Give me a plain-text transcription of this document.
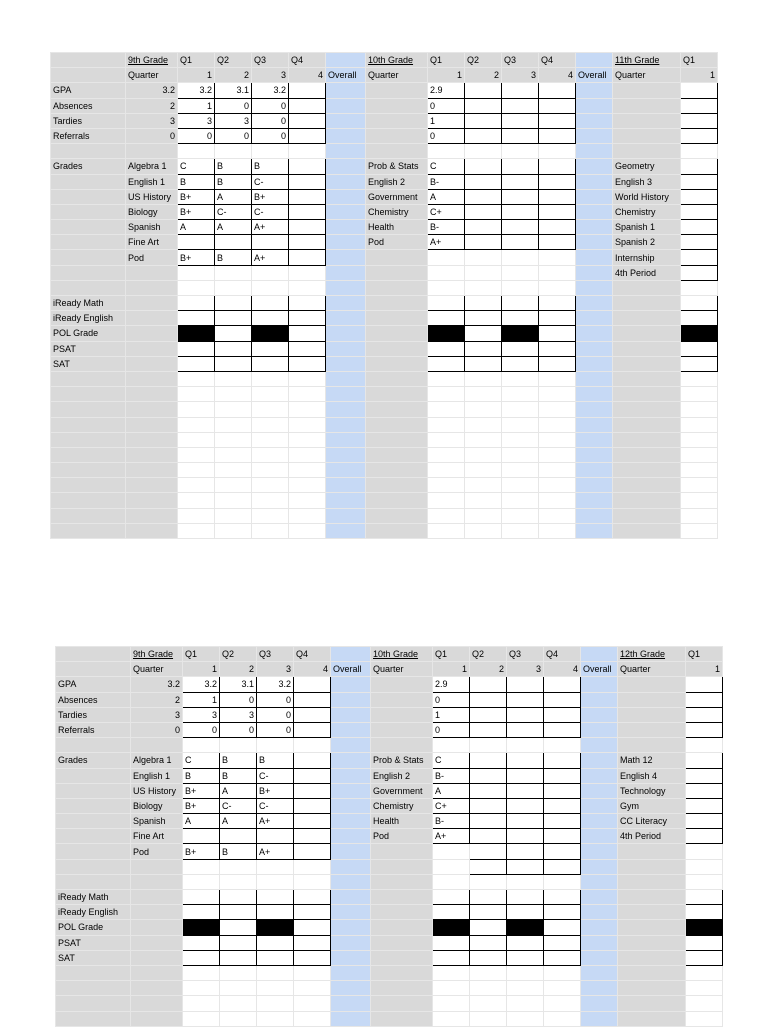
	9th Grade	Q1	Q2	Q3	Q4		10th Grade	Q1	Q2	Q3	Q4		11th Grade	Q1
	Quarter	1	2	3	4	Overall	Quarter	1	2	3	4	Overall	Quarter	1
GPA	3.2	3.2	3.1	3.2				2.9						
Absences	2	1	0	0				0						
Tardies	3	3	3	0				1						
Referrals	0	0	0	0				0						

Grades	Algebra 1	C	B	B			Prob & Stats	C					Geometry	
	English 1	B	B	C-			English 2	B-					English 3	
	US History	B+	A	B+			Government	A					World History	
	Biology	B+	C-	C-			Chemistry	C+					Chemistry	
	Spanish	A	A	A+			Health	B-					Spanish 1	
	Fine Art						Pod	A+					Spanish 2	
	Pod	B+	B	A+									Internship	
													4th Period	

iReady Math														
iReady English														
POL Grade														
PSAT														
SAT														

	9th Grade	Q1	Q2	Q3	Q4		10th Grade	Q1	Q2	Q3	Q4		12th Grade	Q1
	Quarter	1	2	3	4	Overall	Quarter	1	2	3	4	Overall	Quarter	1
GPA	3.2	3.2	3.1	3.2				2.9						
Absences	2	1	0	0				0						
Tardies	3	3	3	0				1						
Referrals	0	0	0	0				0						

Grades	Algebra 1	C	B	B			Prob & Stats	C					Math 12	
	English 1	B	B	C-			English 2	B-					English 4	
	US History	B+	A	B+			Government	A					Technology	
	Biology	B+	C-	C-			Chemistry	C+					Gym	
	Spanish	A	A	A+			Health	B-					CC Literacy	
	Fine Art						Pod	A+					4th Period	
	Pod	B+	B	A+										

iReady Math														
iReady English														
POL Grade														
PSAT														
SAT														
